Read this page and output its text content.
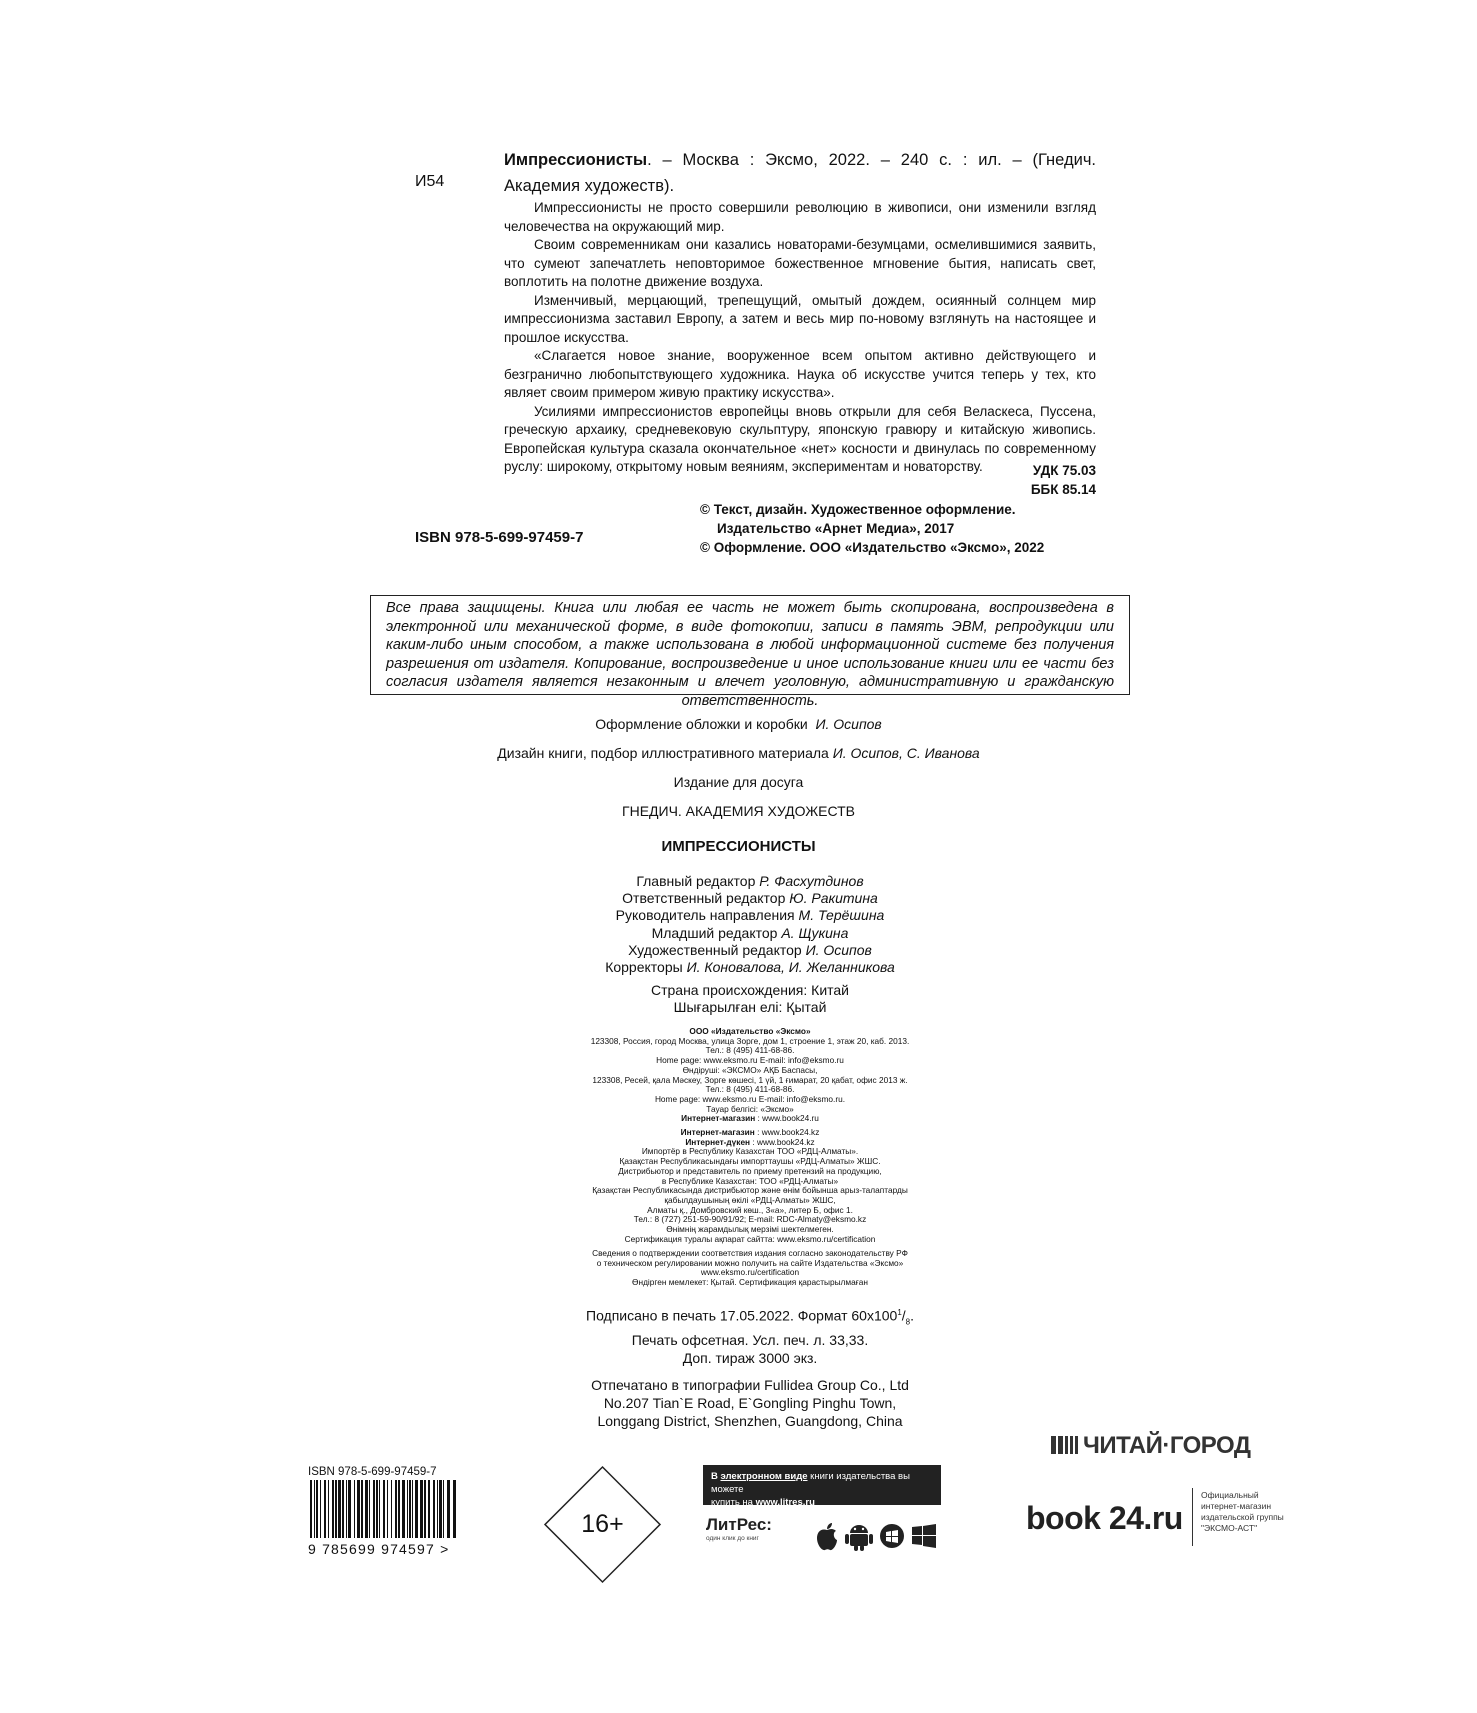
И54
Импрессионисты. – Москва : Эксмо, 2022. – 240 с. : ил. – (Гнедич. Академия художеств).

Импрессионисты не просто совершили революцию в живописи, они изменили взгляд человечества на окружающий мир.

Своим современникам они казались новаторами-безумцами, осмелившимися заявить, что сумеют запечатлеть неповторимое божественное мгновение бытия, написать свет, воплотить на полотне движение воздуха.

Изменчивый, мерцающий, трепещущий, омытый дождем, осиянный солнцем мир импрессионизма заставил Европу, а затем и весь мир по-новому взглянуть на настоящее и прошлое искусства.

«Слагается новое знание, вооруженное всем опытом активно действующего и безгранично любопытствующего художника. Наука об искусстве учится теперь у тех, кто являет своим примером живую практику искусства».

Усилиями импрессионистов европейцы вновь открыли для себя Веласкеса, Пуссена, греческую архаику, средневековую скульптуру, японскую гравюру и китайскую живопись. Европейская культура сказала окончательное «нет» косности и двинулась по современному руслу: широкому, открытому новым веяниям, экспериментам и новаторству.	УДК 75.03
ББК 85.14
© Текст, дизайн. Художественное оформление.
Издательство «Арнет Медиа», 2017
© Оформление. ООО «Издательство «Эксмо», 2022
ISBN 978-5-699-97459-7
Все права защищены. Книга или любая ее часть не может быть скопирована, воспроизведена в электронной или механической форме, в виде фотокопии, записи в память ЭВМ, репродукции или каким-либо иным способом, а также использована в любой информационной системе без получения разрешения от издателя. Копирование, воспроизведение и иное использование книги или ее части без согласия издателя является незаконным и влечет уголовную, административную и гражданскую ответственность.
Оформление обложки и коробки И. Осипов
Дизайн книги, подбор иллюстративного материала И. Осипов, С. Иванова
Издание для досуга
ГНЕДИЧ. АКАДЕМИЯ ХУДОЖЕСТВ
ИМПРЕССИОНИСТЫ
Главный редактор Р. Фасхутдинов
Ответственный редактор Ю. Ракитина
Руководитель направления М. Терёшина
Младший редактор А. Щукина
Художественный редактор И. Осипов
Корректоры И. Коновалова, И. Желанникова
Страна происхождения: Китай
Шығарылған елі: Қытай
ООО «Издательство «Эксмо»
123308, Россия, город Москва, улица Зорге, дом 1, строение 1, этаж 20, каб. 2013.
Тел.: 8 (495) 411-68-86.
Home page: www.eksmo.ru E-mail: info@eksmo.ru
Өндіруші: «ЭКСМО» АҚБ Баспасы,
123308, Ресей, қала Мәскеу, Зорге көшесі, 1 үй, 1 ғимарат, 20 қабат, офис 2013 ж.
Тел.: 8 (495) 411-68-86.
Home page: www.eksmo.ru E-mail: info@eksmo.ru.
Тауар белгісі: «Эксмо»
Интернет-магазин : www.book24.ru
Интернет-магазин : www.book24.kz
Интернет-дүкен : www.book24.kz
Импортёр в Республику Казахстан ТОО «РДЦ-Алматы».
Қазақстан Республикасындағы импорттаушы «РДЦ-Алматы» ЖШС.
Дистрибьютор и представитель по приему претензий на продукцию,
в Республике Казахстан: ТОО «РДЦ-Алматы»
Қазақстан Республикасында дистрибьютор және өнім бойынша арыз-талаптарды
қабылдаушының өкілі «РДЦ-Алматы» ЖШС,
Алматы қ., Домбровский көш., 3«а», литер Б, офис 1.
Тел.: 8 (727) 251-59-90/91/92; E-mail: RDC-Almaty@eksmo.kz
Өнімнің жарамдылық мерзімі шектелмеген.
Сертификация туралы ақпарат сайтта: www.eksmo.ru/certification
Сведения о подтверждении соответствия издания согласно законодательству РФ
о техническом регулировании можно получить на сайте Издательства «Эксмо»
www.eksmo.ru/certification
Өндірген мемлекет: Қытай. Сертификация қарастырылмаған
Подписано в печать 17.05.2022. Формат $60x100^1/_8$.
Печать офсетная. Усл. печ. л. 33,33.
Доп. тираж 3000 экз.
Отпечатано в типографии Fullidea Group Co., Ltd
No.207 Tian`E Road, E`Gongling Pinghu Town,
Longgang District, Shenzhen, Guangdong, China
ISBN 978-5-699-97459-7
9 785699 974597 >
16+
В электронном виде книги издательства вы можете
купить на www.litres.ru
ЛитРес:
один клик до книг
ЧИТАЙ·ГОРОД
book 24.ru
Официальный
интернет-магазин
издательской группы
"ЭКСМО-АСТ"
